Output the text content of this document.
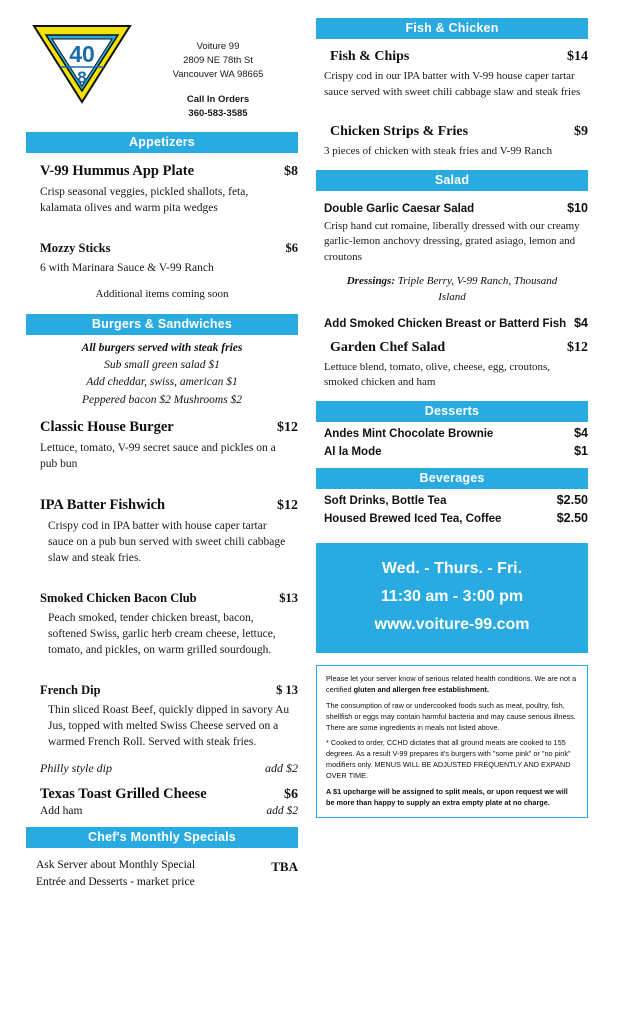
40
8
Voiture 99
2809 NE 78th St
Vancouver WA 98665
Call In Orders
360-583-3585
Appetizers
V-99 Hummus App Plate	$8
Crisp seasonal veggies, pickled shallots, feta, kalamata olives and warm pita wedges
Mozzy Sticks	$6
6 with Marinara Sauce & V-99 Ranch
Additional items coming soon
Burgers & Sandwiches
All burgers served with steak fries
Sub small green salad $1
Add cheddar, swiss, american $1
Peppered bacon $2 Mushrooms $2
Classic House Burger	$12
Lettuce, tomato, V-99 secret sauce and pickles on a pub bun
IPA Batter Fishwich	$12
Crispy cod in IPA batter with house caper tartar sauce on a pub bun served with sweet chili cabbage slaw and steak fries.
Smoked Chicken Bacon Club	$13
Peach smoked, tender chicken breast, bacon, softened Swiss, garlic herb cream cheese, lettuce, tomato, and pickles, on warm grilled sourdough.
French Dip	$ 13
Thin sliced Roast Beef, quickly dipped in savory Au Jus, topped with melted Swiss Cheese served on a warmed French Roll. Served with steak fries.
Philly style dip	add $2
Texas Toast Grilled Cheese	$6
Add ham	add $2
Chef's Monthly Specials
Ask Server about Monthly Special Entrée and Desserts - market price
TBA
Fish & Chicken
Fish & Chips	$14
Crispy cod in our IPA batter with V-99 house caper tartar sauce served with sweet chili cabbage slaw and steak fries
Chicken Strips & Fries	$9
3 pieces of chicken with steak fries and V-99 Ranch
Salad
Double Garlic Caesar Salad	$10
Crisp hand cut romaine, liberally dressed with our creamy garlic-lemon anchovy dressing, grated asiago, lemon and croutons
Dressings: Triple Berry, V-99 Ranch, Thousand Island
Add Smoked Chicken Breast or Batterd Fish $4
Garden Chef Salad	$12
Lettuce blend, tomato, olive, cheese, egg, croutons, smoked chicken and ham
Desserts
Andes Mint Chocolate Brownie	$4
Al la Mode	$1
Beverages
Soft Drinks, Bottle Tea	$2.50
Housed Brewed Iced Tea, Coffee	$2.50
Wed. - Thurs. - Fri.
11:30 am - 3:00 pm
www.voiture-99.com

Please let your server know of serious related health conditions. We are not a certified gluten and allergen free establishment.

The consumption of raw or undercooked foods such as meat, poultry, fish, shellfish or eggs may contain harmful bacteria and may cause serious illness. There are some ingredients in meals not listed above.

* Cooked to order, CCHD dictates that all ground meats are cooked to 155 degrees. As a result V-99 prepares it's burgers with "some pink" or "no pink" modifiers only. MENUS WILL BE ADJUSTED FREQUENTLY AND EXPAND OVER TIME.

A $1 upcharge will be assigned to split meals, or upon request we will be more than happy to supply an extra empty plate at no charge.
